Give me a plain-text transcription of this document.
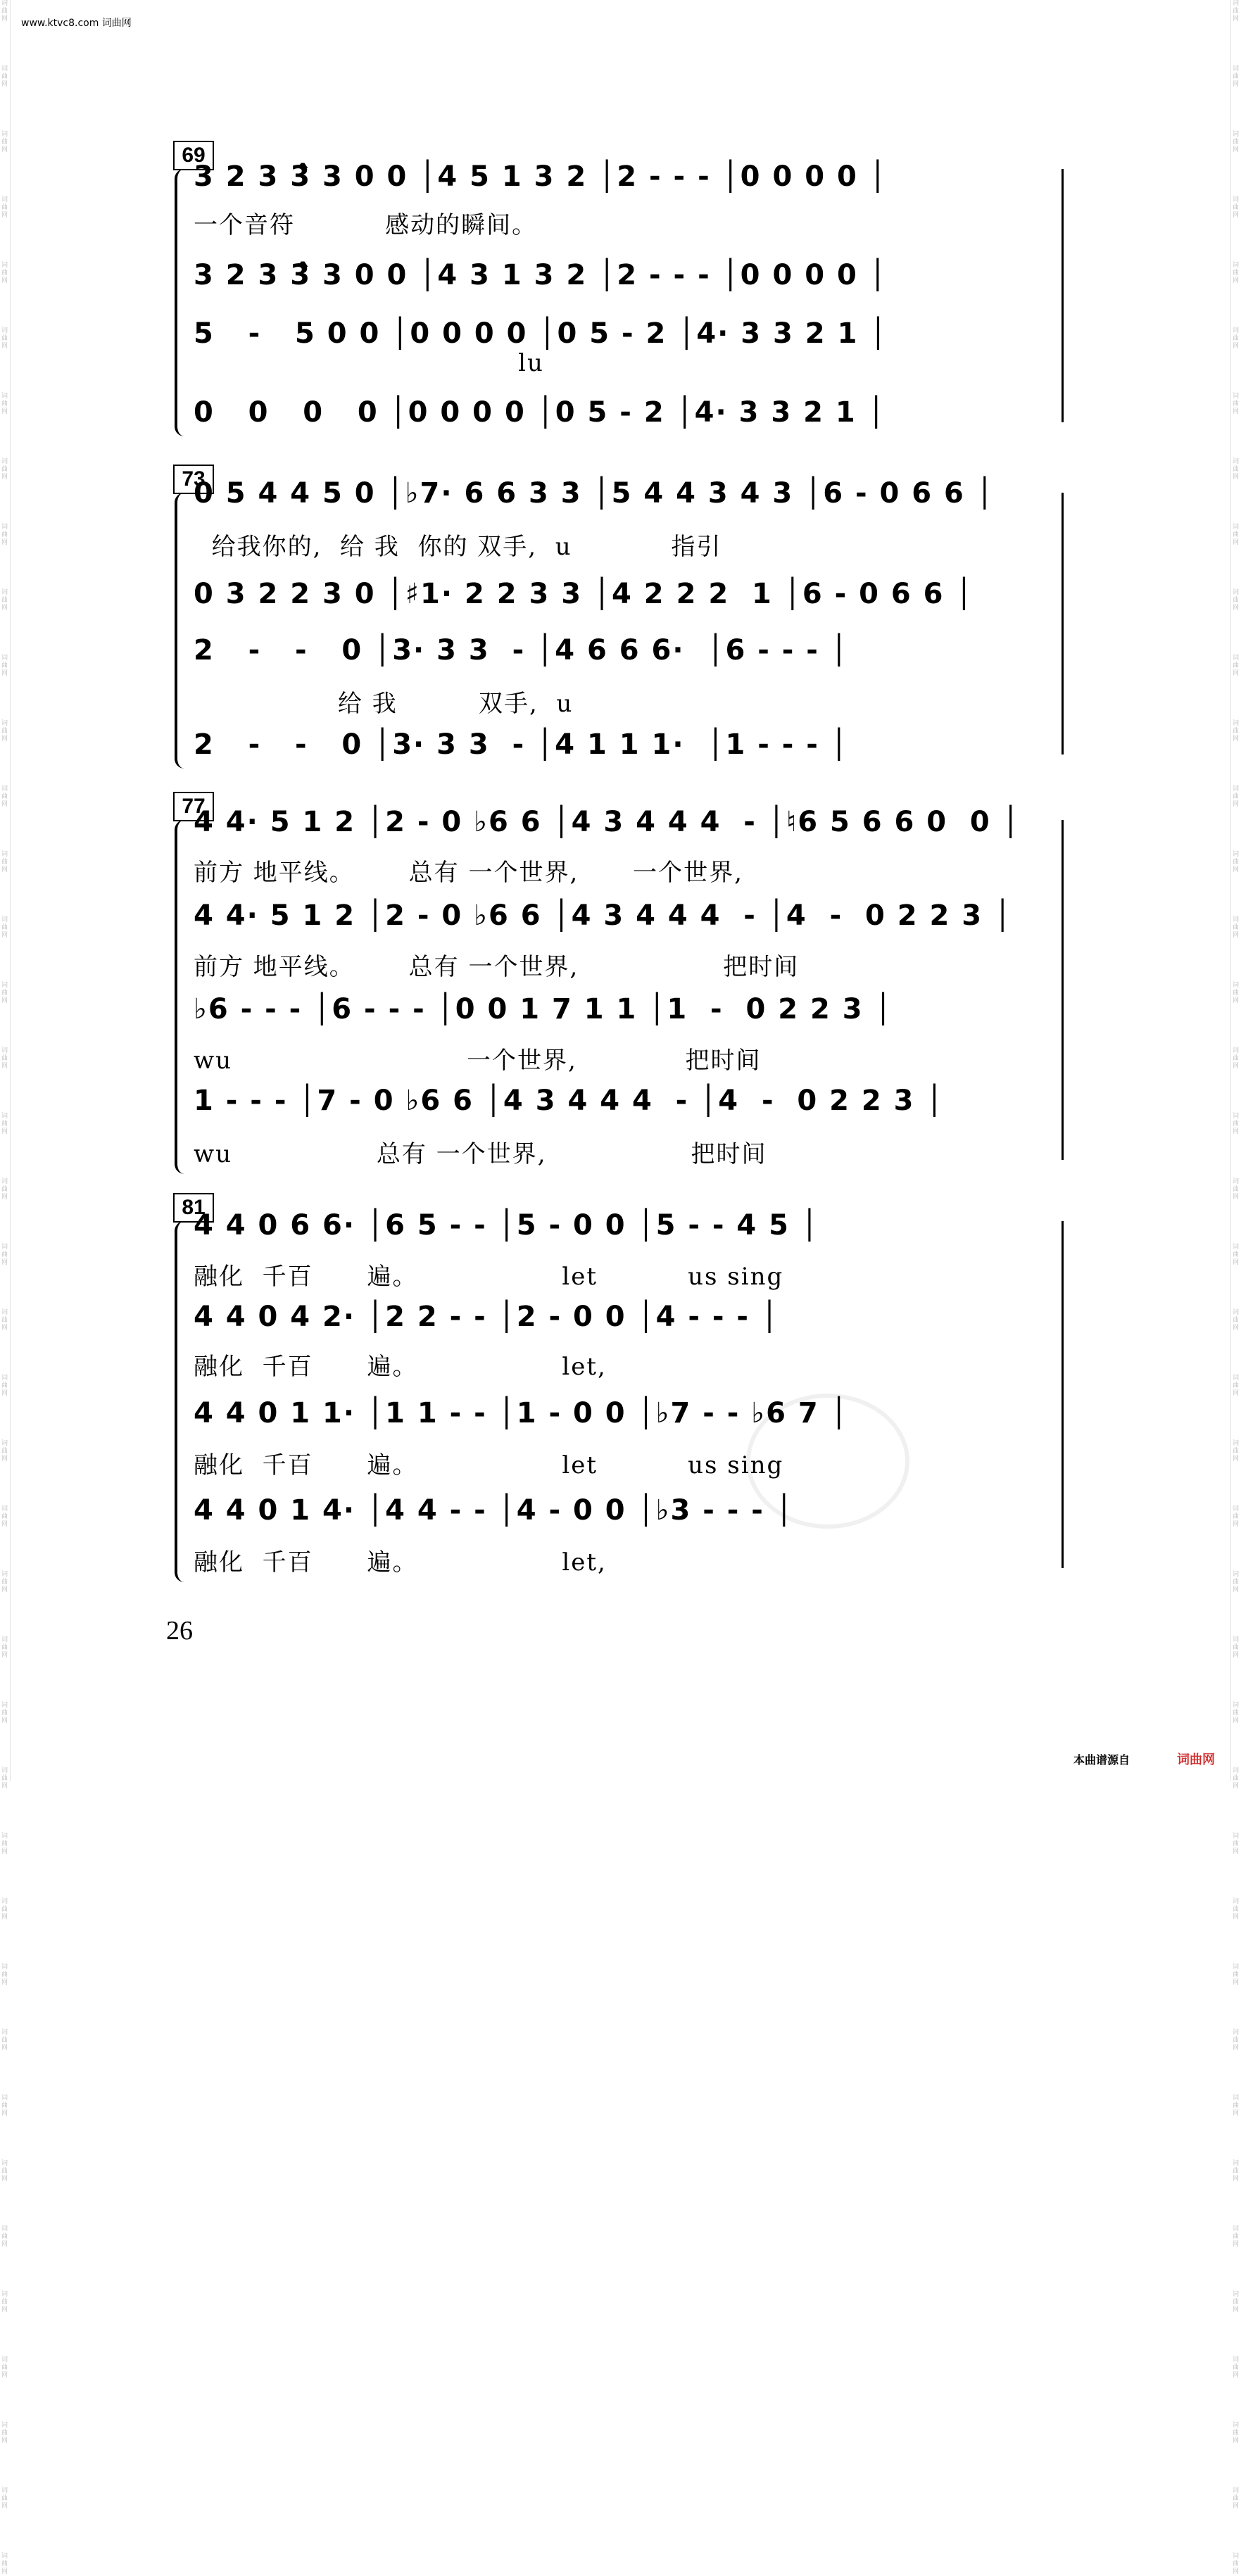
词曲网
词曲网
词曲网
词曲网
词曲网
词曲网
词曲网
词曲网
词曲网
词曲网
词曲网
词曲网
词曲网
词曲网
词曲网
词曲网
词曲网
词曲网
词曲网
词曲网
词曲网
词曲网
词曲网
词曲网
词曲网
词曲网
词曲网
词曲网
词曲网
词曲网
词曲网
词曲网
词曲网
词曲网
词曲网
词曲网
词曲网
词曲网
词曲网
词曲网
词曲网
词曲网
词曲网
词曲网
词曲网
词曲网
词曲网
词曲网
词曲网
词曲网
词曲网
词曲网
词曲网
词曲网
词曲网
词曲网
词曲网
词曲网
词曲网
词曲网
词曲网
词曲网
词曲网
词曲网
词曲网
词曲网
词曲网
词曲网
词曲网
词曲网
词曲网
词曲网
词曲网
词曲网
词曲网
词曲网
词曲网
词曲网
词曲网
词曲网
www.ktvc8.com 词曲网
69
3 2 3 3̂ 3 0 0 │4 5 1 3 2 │2 - - - │0 0 0 0 │
一个音符          感动的瞬间。
3 2 3 3̂ 3 0 0 │4 3 1 3 2 │2 - - - │0 0 0 0 │
5   -   5 0 0 │0 0 0 0 │0 5 - 2 │4· 3 3 2 1 │
lu
0   0   0   0 │0 0 0 0 │0 5 - 2 │4· 3 3 2 1 │
73
0 5 4 4 5 0 │♭7· 6 6 3 3 │5 4 4 3 4 3 │6 - 0 6 6 │
给我你的,  给 我  你的 双手,  u           指引
0 3 2 2 3 0 │♯1· 2 2 3 3 │4 2 2 2  1 │6 - 0 6 6 │
2   -   -   0 │3· 3 3  - │4 6 6 6·  │6 - - - │
给 我         双手,  u
2   -   -   0 │3· 3 3  - │4 1 1 1·  │1 - - - │
77
4 4· 5 1 2 │2 - 0 ♭6 6 │4 3 4 4 4  - │♮6 5 6 6 0  0 │
前方 地平线。      总有 一个世界,      一个世界,
4 4· 5 1 2 │2 - 0 ♭6 6 │4 3 4 4 4  - │4  -  0 2 2 3 │
前方 地平线。      总有 一个世界,                把时间
♭6 - - - │6 - - - │0 0 1 7 1 1 │1  -  0 2 2 3 │
wu                          一个世界,            把时间
1 - - - │7 - 0 ♭6 6 │4 3 4 4 4  - │4  -  0 2 2 3 │
wu                总有 一个世界,                把时间
81
4 4 0 6 6· │6 5 - - │5 - 0 0 │5 - - 4 5 │
融化  千百      遍。                let          us sing
4 4 0 4 2· │2 2 - - │2 - 0 0 │4 - - - │
融化  千百      遍。                let,
4 4 0 1 1· │1 1 - - │1 - 0 0 │♭7 - - ♭6 7 │
融化  千百      遍。                let          us sing
4 4 0 1 4· │4 4 - - │4 - 0 0 │♭3 - - - │
融化  千百      遍。                let,
26
本曲谱源自	词曲网
